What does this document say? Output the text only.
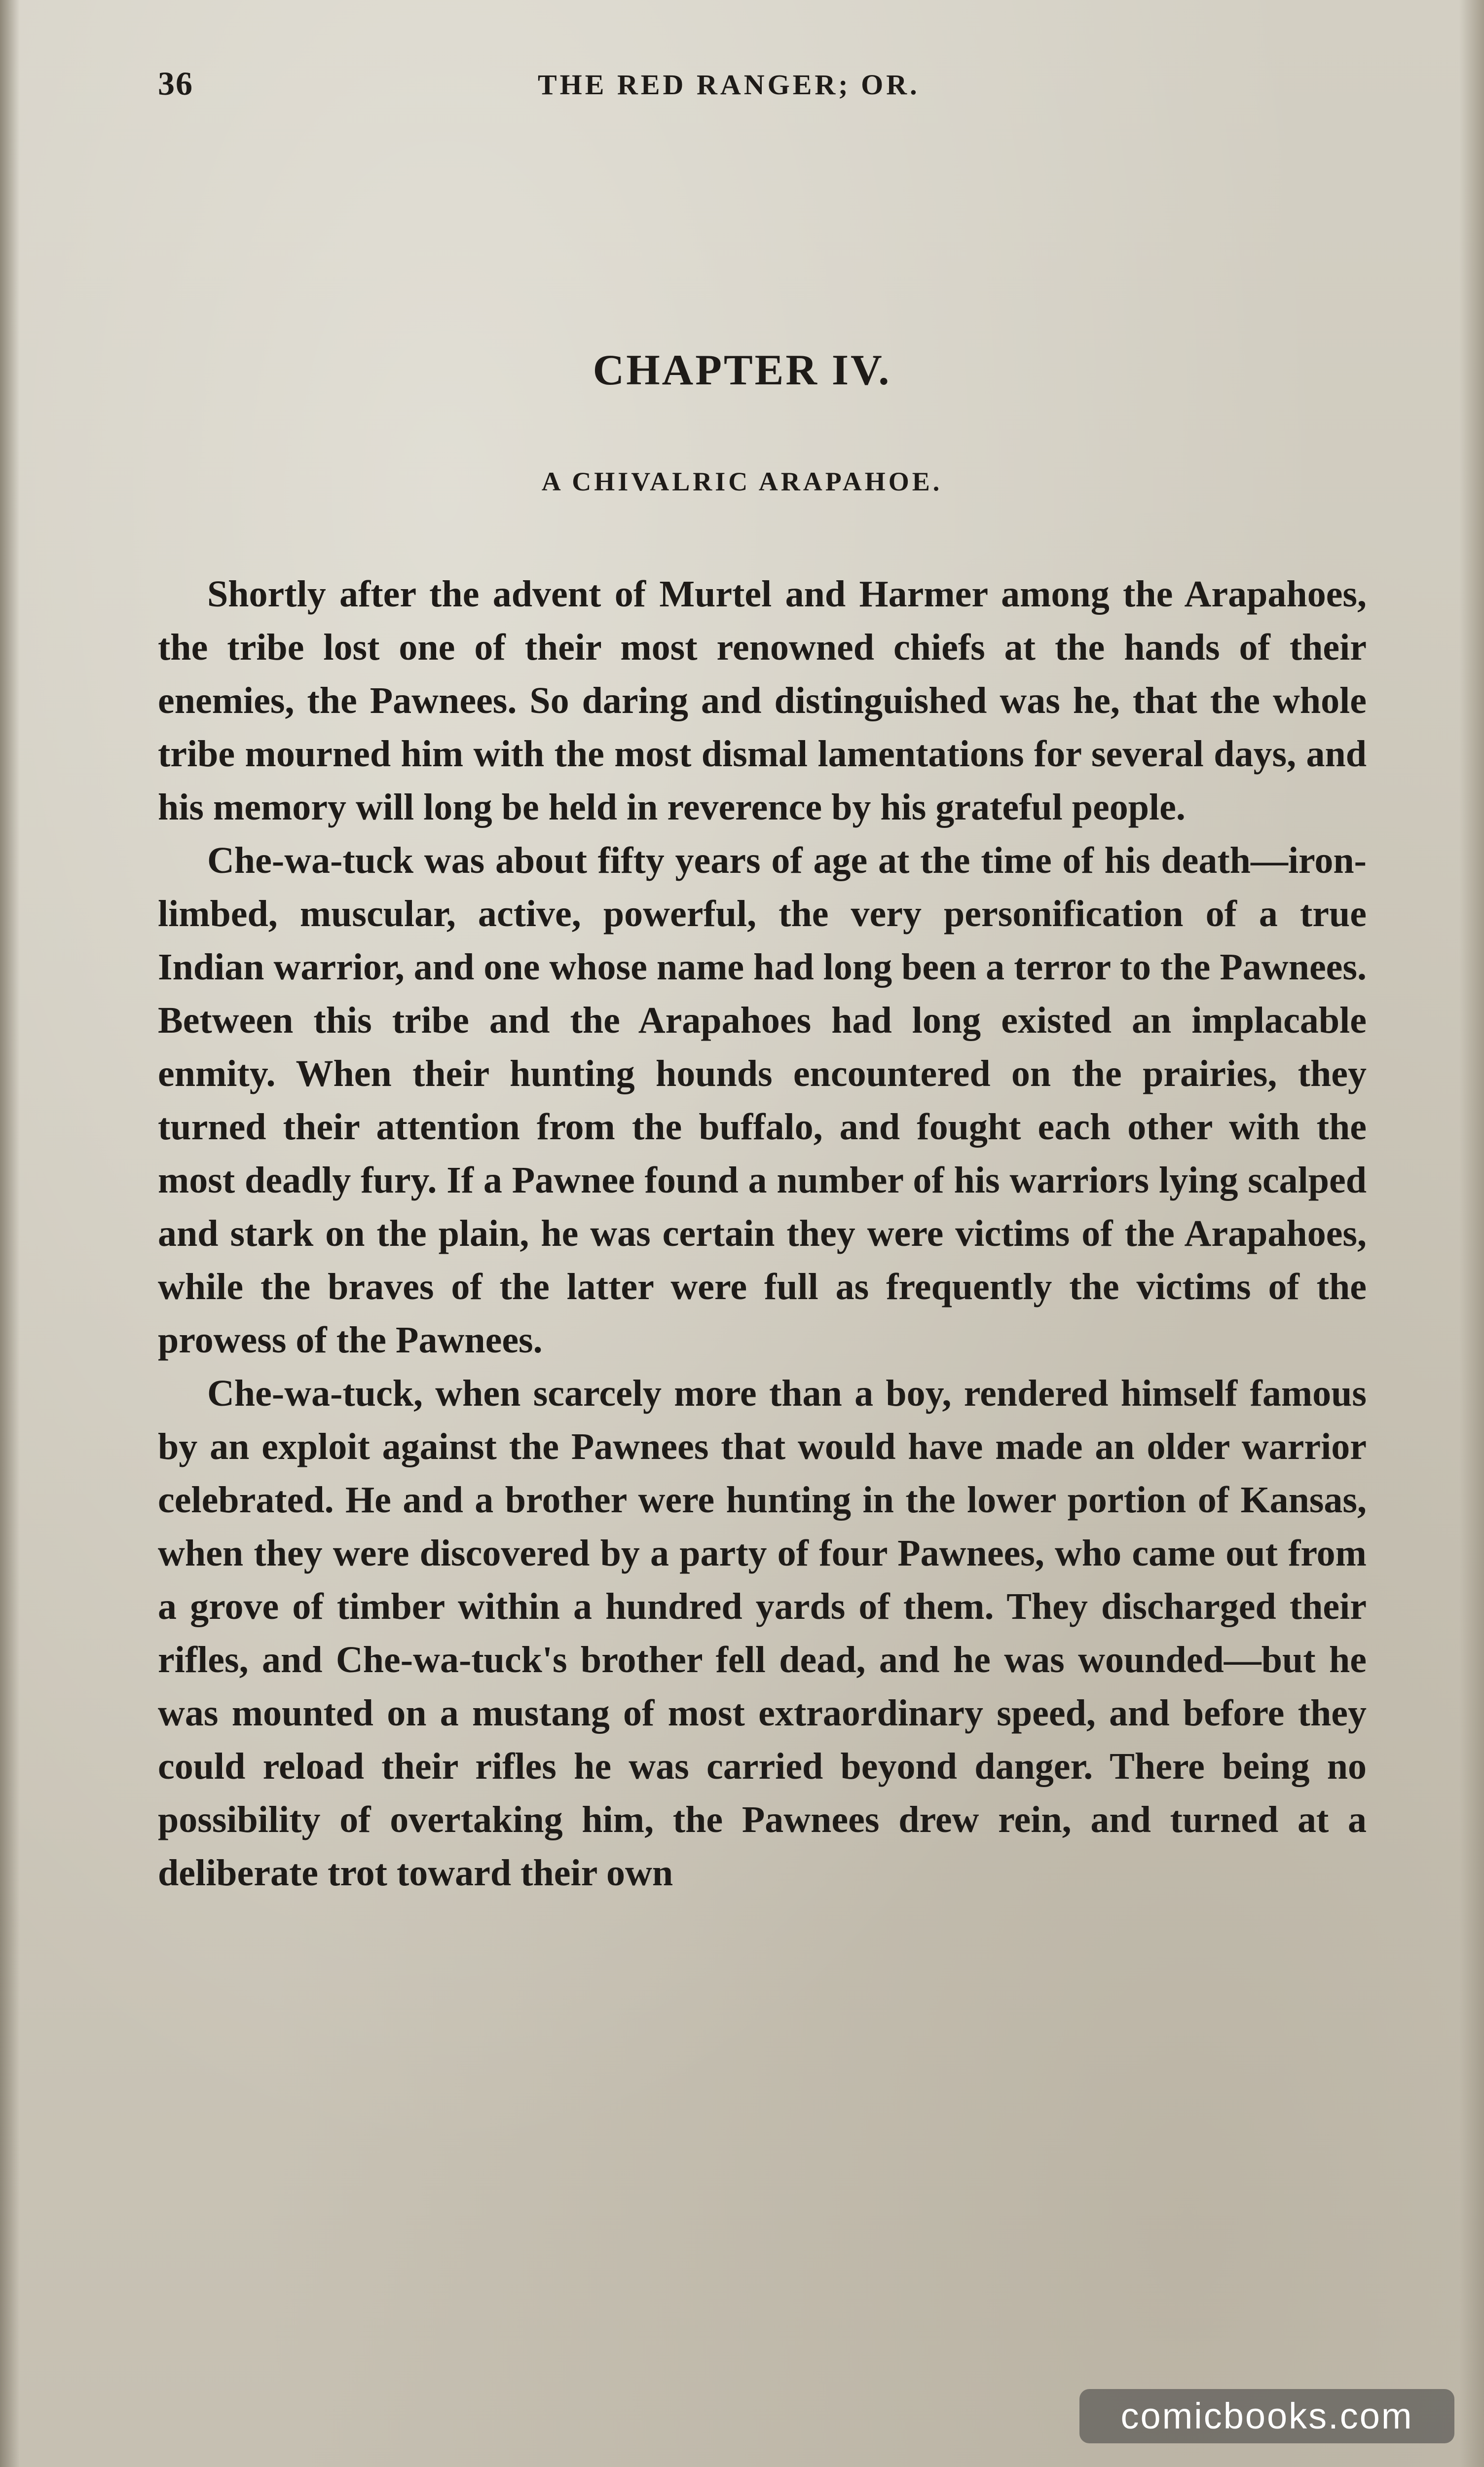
36	THE RED RANGER; OR.
CHAPTER IV.
A CHIVALRIC ARAPAHOE.

Shortly after the advent of Murtel and Harmer among the Arapahoes, the tribe lost one of their most renowned chiefs at the hands of their enemies, the Pawnees. So daring and distinguished was he, that the whole tribe mourned him with the most dismal lamentations for several days, and his memory will long be held in reverence by his grateful people.

Che-wa-tuck was about fifty years of age at the time of his death—iron-limbed, muscular, active, powerful, the very personification of a true Indian warrior, and one whose name had long been a terror to the Pawnees. Between this tribe and the Arapahoes had long existed an implacable enmity. When their hunting hounds encountered on the prairies, they turned their attention from the buffalo, and fought each other with the most deadly fury. If a Pawnee found a number of his warriors lying scalped and stark on the plain, he was certain they were victims of the Arapahoes, while the braves of the latter were full as frequently the victims of the prowess of the Pawnees.

Che-wa-tuck, when scarcely more than a boy, rendered himself famous by an exploit against the Pawnees that would have made an older warrior celebrated. He and a brother were hunting in the lower portion of Kansas, when they were discovered by a party of four Pawnees, who came out from a grove of timber within a hundred yards of them. They discharged their rifles, and Che-wa-tuck's brother fell dead, and he was wounded—but he was mounted on a mustang of most extraordinary speed, and before they could reload their rifles he was carried beyond danger. There being no possibility of overtaking him, the Pawnees drew rein, and turned at a deliberate trot toward their own

comicbooks.com
